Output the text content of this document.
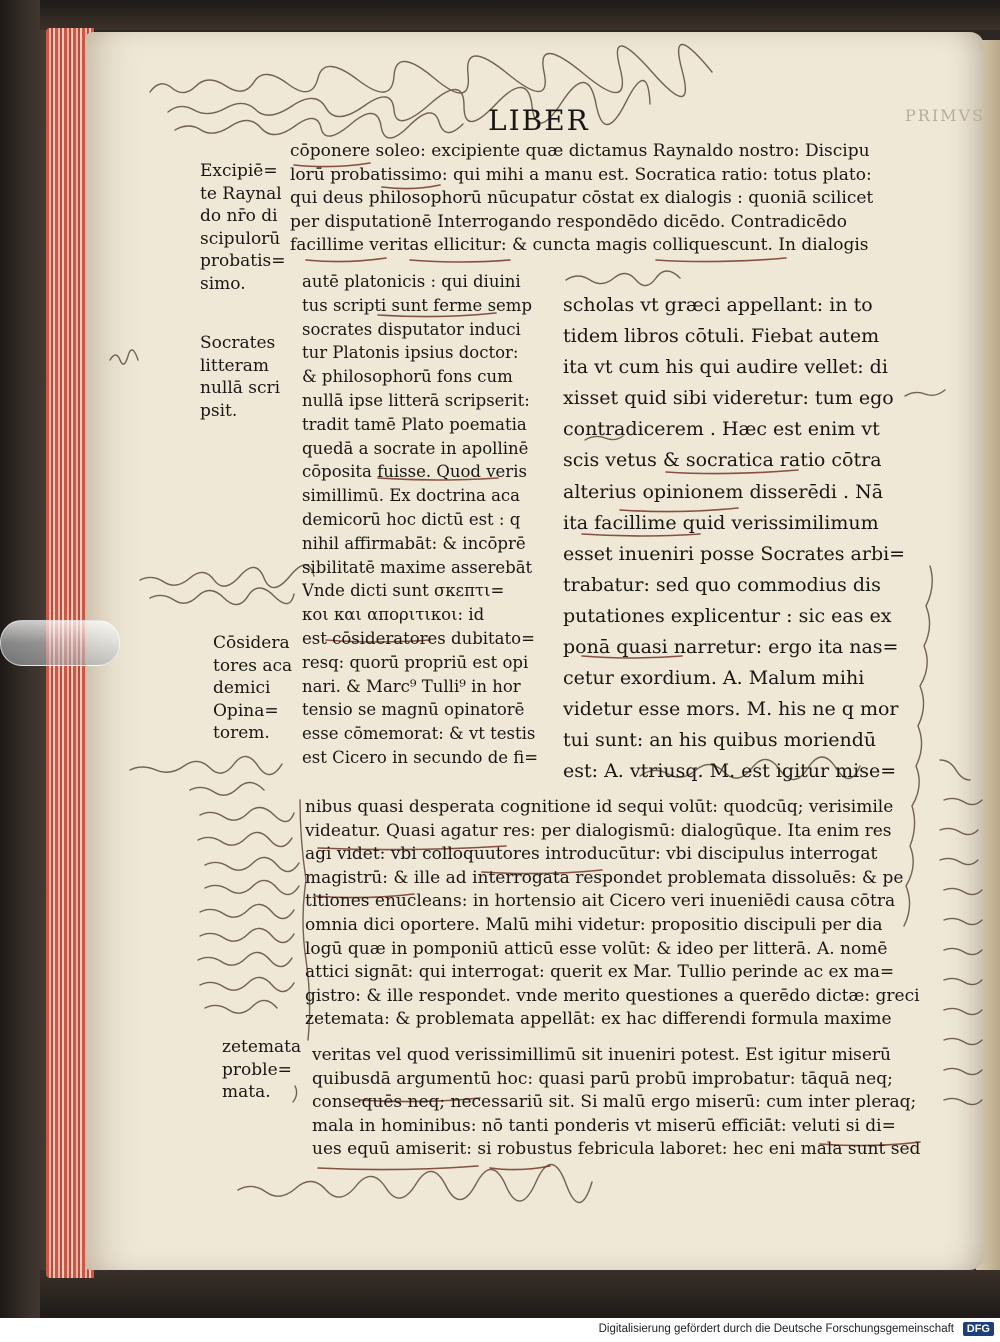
LIBER	PRIMVS
Excipiē=
te Raynal
do nr̄o di
scipulorū
probatis=
simo.
Socrates
litteram
nullā scri
psit.
Cōsidera
tores aca
demici
Opina=
torem.
zetemata
proble=
mata.

cōponere soleo: excipiente quæ dictamus Raynaldo nostro: Discipu
lorū probatissimo: qui mihi a manu est. Socratica ratio: totus plato:
qui deus philosophorū nūcupatur cōstat ex dialogis : quoniā scilicet
per disputationē Interrogando respondēdo dicēdo. Contradicēdo
facillime veritas ellicitur: & cuncta magis colliquescunt. In dialogis

autē platonicis : qui diuini
tus scripti sunt ferme semp
socrates disputator induci
tur Platonis ipsius doctor:
& philosophorū fons cum
nullā ipse litterā scripserit:
tradit tamē Plato poematia
quedā a socrate in apollinē
cōposita fuisse. Quod veris
simillimū. Ex doctrina aca
demicorū hoc dictū est : q
nihil affirmabāt: & incōprē
sibilitatē maxime asserebāt
Vnde dicti sunt σκεπτι=
κοι και αποριτικοι: id
est cōsideratores dubitato=
resq: quorū propriū est opi
nari. & Marc⁹ Tulli⁹ in hor
tensio se magnū opinatorē
esse cōmemorat: & vt testis
est Cicero in secundo de fi=

scholas vt græci appellant: in to
tidem libros cōtuli. Fiebat autem
ita vt cum his qui audire vellet: di
xisset quid sibi videretur: tum ego
contradicerem . Hæc est enim vt
scis vetus & socratica ratio cōtra
alterius opinionem disserēdi . Nā
ita facillime quid verissimilimum
esset inueniri posse Socrates arbi=
trabatur: sed quo commodius dis
putationes explicentur : sic eas ex
ponā quasi narretur: ergo ita nas=
cetur exordium. A. Malum mihi
videtur esse mors. M. his ne q mor
tui sunt: an his quibus moriendū
est: A. vtriusq. M. est igitur mise=

nibus quasi desperata cognitione id sequi volūt: quodcūq; verisimile
videatur. Quasi agatur res: per dialogismū: dialogūque. Ita enim res
agi videt: vbi colloquutores introducūtur: vbi discipulus interrogat
magistrū: & ille ad interrogata respondet problemata dissoluēs: & pe
titiones enucleans: in hortensio ait Cicero veri inueniēdi causa cōtra
omnia dici oportere. Malū mihi videtur: propositio discipuli per dia
logū quæ in pomponiū atticū esse volūt: & ideo per litterā. A. nomē
attici signāt: qui interrogat: querit ex Mar. Tullio perinde ac ex ma=
gistro: & ille respondet. vnde merito questiones a querēdo dictæ: greci
zetemata: & problemata appellāt: ex hac differendi formula maxime

veritas vel quod verissimillimū sit inueniri potest. Est igitur miserū
quibusdā argumentū hoc: quasi parū probū improbatur: tāquā neq;
consequēs neq; necessariū sit. Si malū ergo miserū: cum inter pleraq;
mala in hominibus: nō tanti ponderis vt miserū efficiāt: veluti si di=
ues equū amiserit: si robustus febricula laboret: hec eni mala sunt sed

Digitalisierung gefördert durch die Deutsche Forschungsgemeinschaft	DFG
